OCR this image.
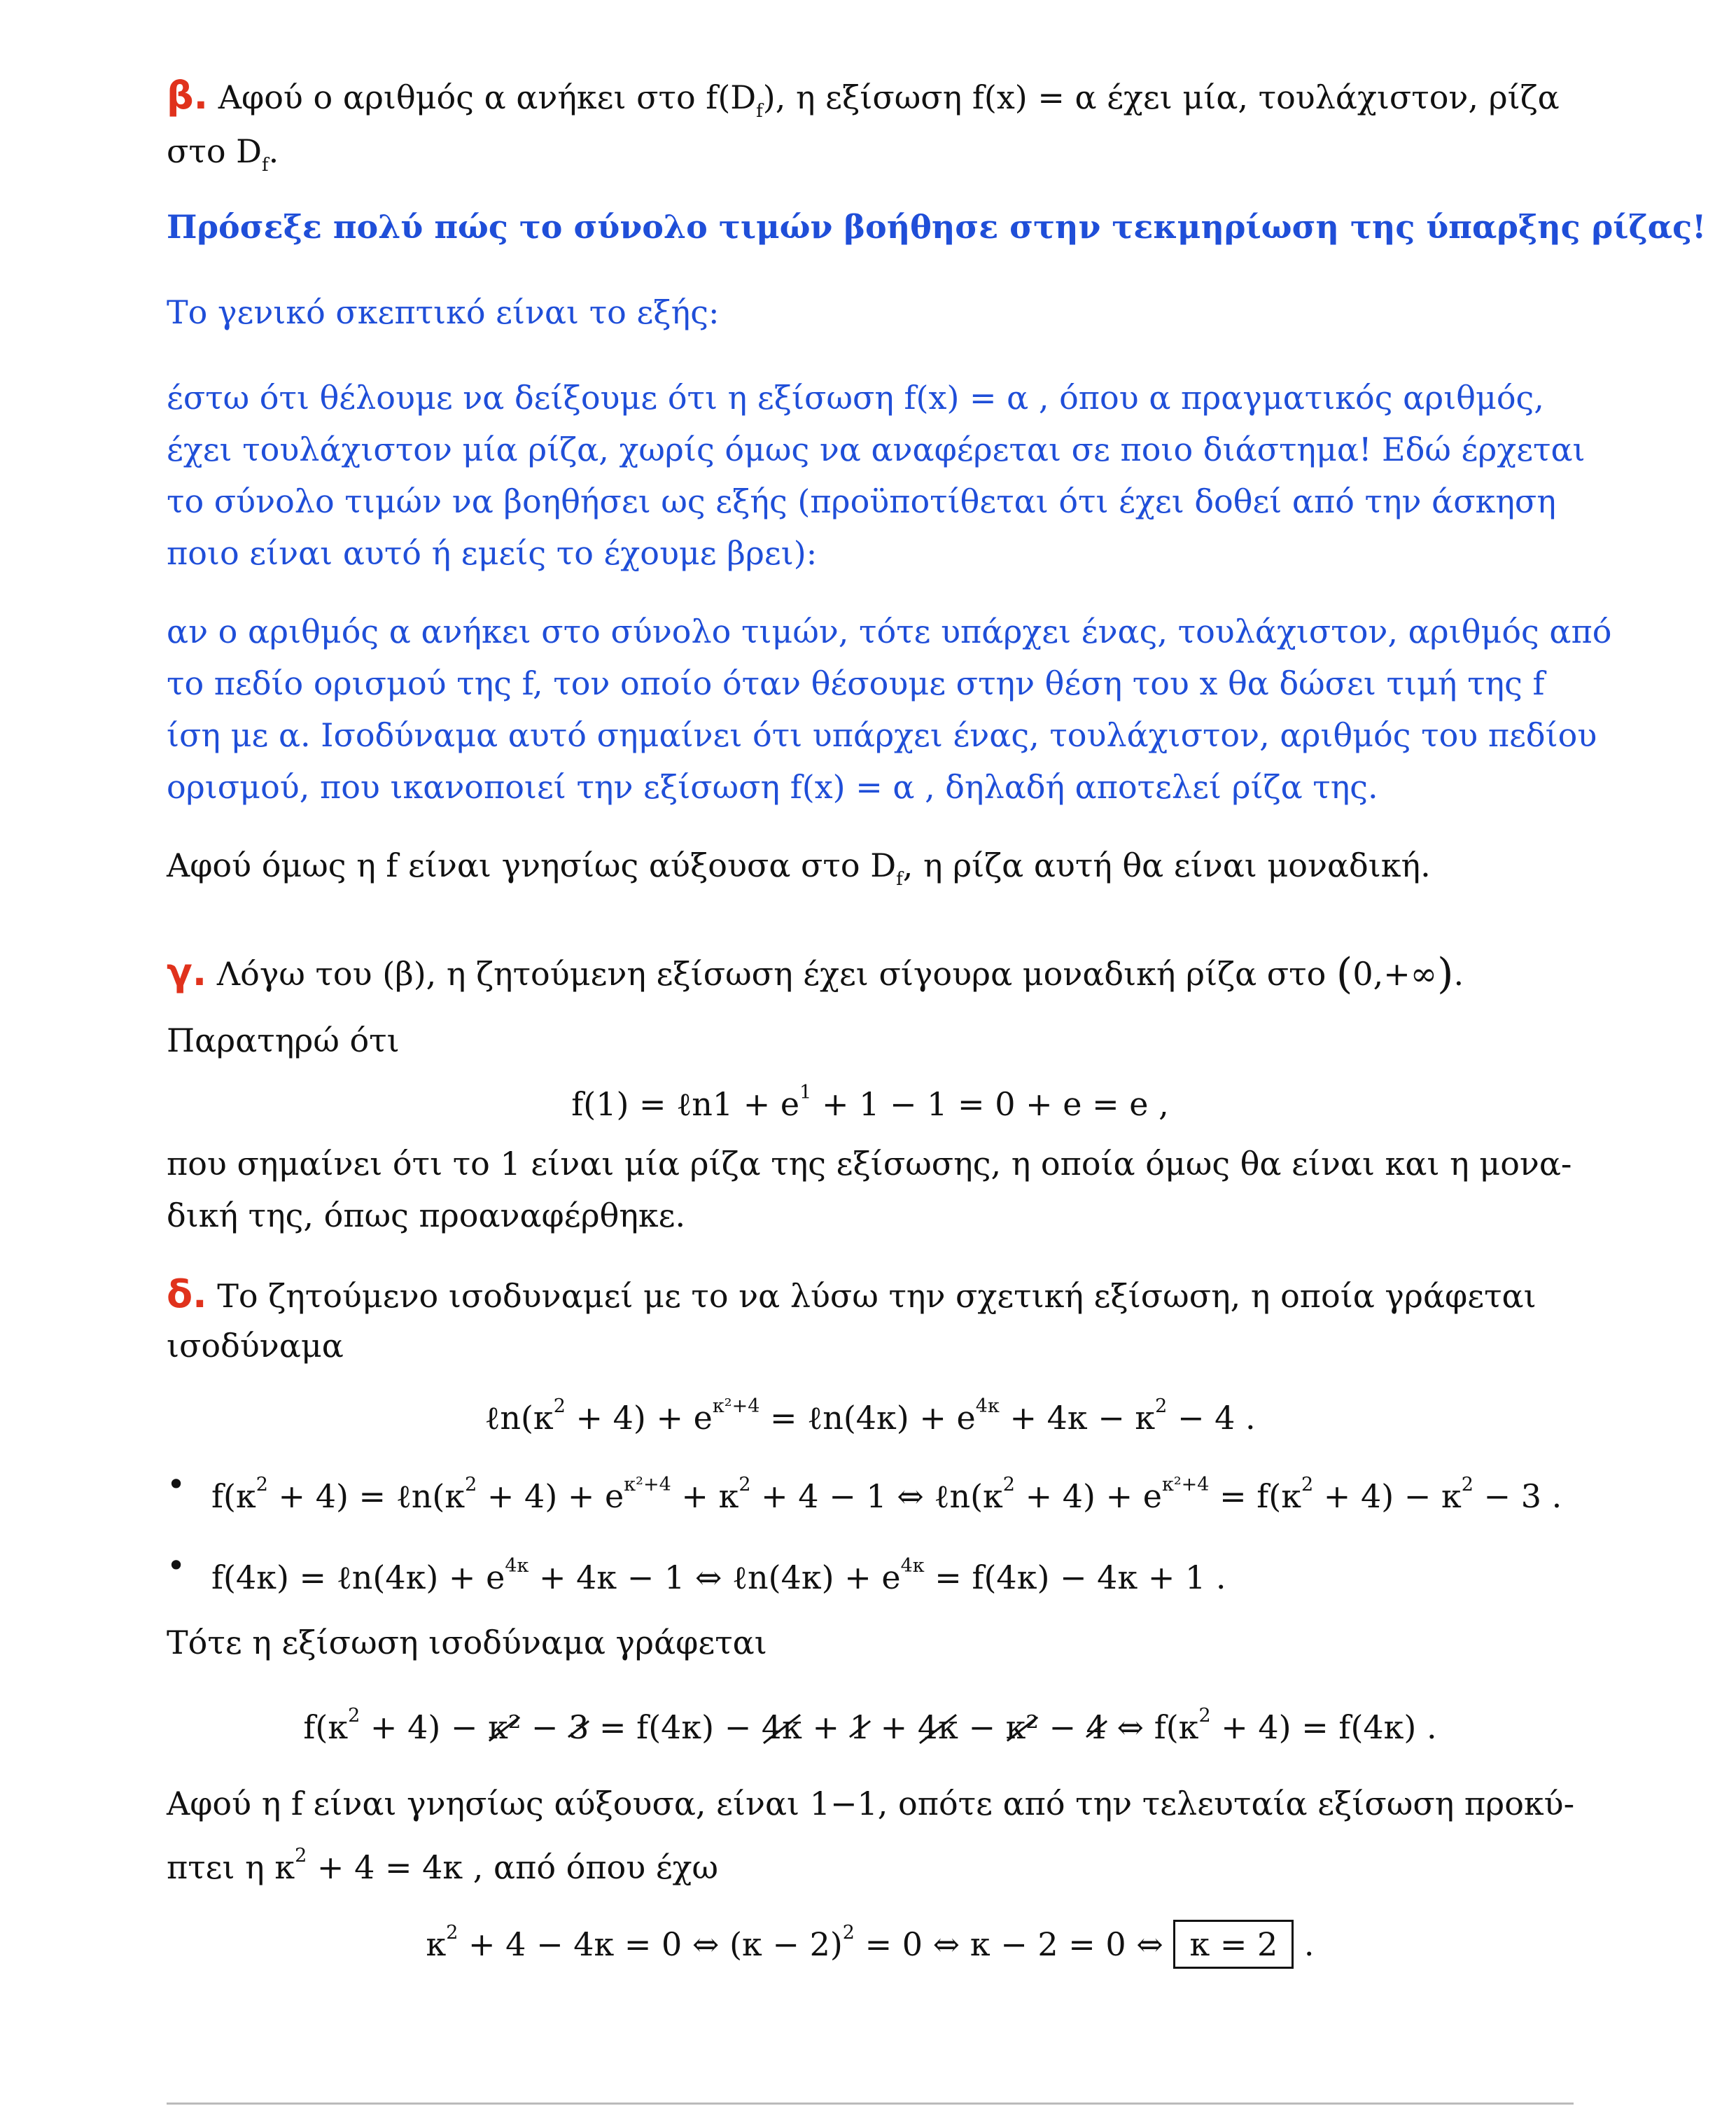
β. Αφού ο αριθμός α ανήκει στο $f(D_f)$, η εξίσωση f(x) = α έχει μία, τουλάχιστον, ρίζα
στο $D_f$.
Πρόσεξε πολύ πώς το σύνολο τιμών βοήθησε στην τεκμηρίωση της ύπαρξης ρίζας!
Το γενικό σκεπτικό είναι το εξής:
έστω ότι θέλουμε να δείξουμε ότι η εξίσωση f(x) = α , όπου α πραγματικός αριθμός,
έχει τουλάχιστον μία ρίζα, χωρίς όμως να αναφέρεται σε ποιο διάστημα! Εδώ έρχεται
το σύνολο τιμών να βοηθήσει ως εξής (προϋποτίθεται ότι έχει δοθεί από την άσκηση
ποιο είναι αυτό ή εμείς το έχουμε βρει):
αν ο αριθμός α ανήκει στο σύνολο τιμών, τότε υπάρχει ένας, τουλάχιστον, αριθμός από
το πεδίο ορισμού της f, τον οποίο όταν θέσουμε στην θέση του x θα δώσει τιμή της f
ίση με α. Ισοδύναμα αυτό σημαίνει ότι υπάρχει ένας, τουλάχιστον, αριθμός του πεδίου
ορισμού, που ικανοποιεί την εξίσωση f(x) = α , δηλαδή αποτελεί ρίζα της.
Αφού όμως η f είναι γνησίως αύξουσα στο $D_f$, η ρίζα αυτή θα είναι μοναδική.
γ. Λόγω του (β), η ζητούμενη εξίσωση έχει σίγουρα μοναδική ρίζα στο (0,+∞).
Παρατηρώ ότι
f(1) = ℓn1 + $e^1 + 1 - 1 = 0 + e = e$ ,
που σημαίνει ότι το 1 είναι μία ρίζα της εξίσωσης, η οποία όμως θα είναι και η μονα-
δική της, όπως προαναφέρθηκε.
δ. Το ζητούμενο ισοδυναμεί με το να λύσω την σχετική εξίσωση, η οποία γράφεται
ισοδύναμα
$\ell n(\kappa^2 + 4) + e^{\kappa^2+4}$ = ℓn(4κ) + $e^{4\kappa} + 4\kappa - \kappa^2 - 4$ .
• $f(\kappa^2 + 4)$ = $\ell n(\kappa^2 + 4) + e^{\kappa^2+4} + \kappa^2 + 4 - 1$ ⇔ $\ell n(\kappa^2 + 4) + e^{\kappa^2+4} = f(\kappa^2 + 4) - \kappa^2 - 3$ .
• f(4κ) = ℓn(4κ) + $e^{4\kappa} + 4\kappa - 1$ ⇔ ℓn(4κ) + $e^{4\kappa} = f(4\kappa) - 4\kappa + 1$ .
Τότε η εξίσωση ισοδύναμα γράφεται
$f(\kappa^2 + 4) - \kappa^2 - 3 = f(4\kappa) - 4\kappa + 1 + 4\kappa - \kappa^2 - 4$ ⇔ $f(\kappa^2 + 4) = f(4\kappa)$ .
Αφού η f είναι γνησίως αύξουσα, είναι 1−1, οπότε από την τελευταία εξίσωση προκύ-
πτει η $\kappa^2 + 4 = 4\kappa$ , από όπου έχω
$\kappa^2 + 4 - 4\kappa = 0$ ⇔ $(\kappa - 2)^2 = 0$ ⇔ κ − 2 = 0 ⇔ κ = 2 .
